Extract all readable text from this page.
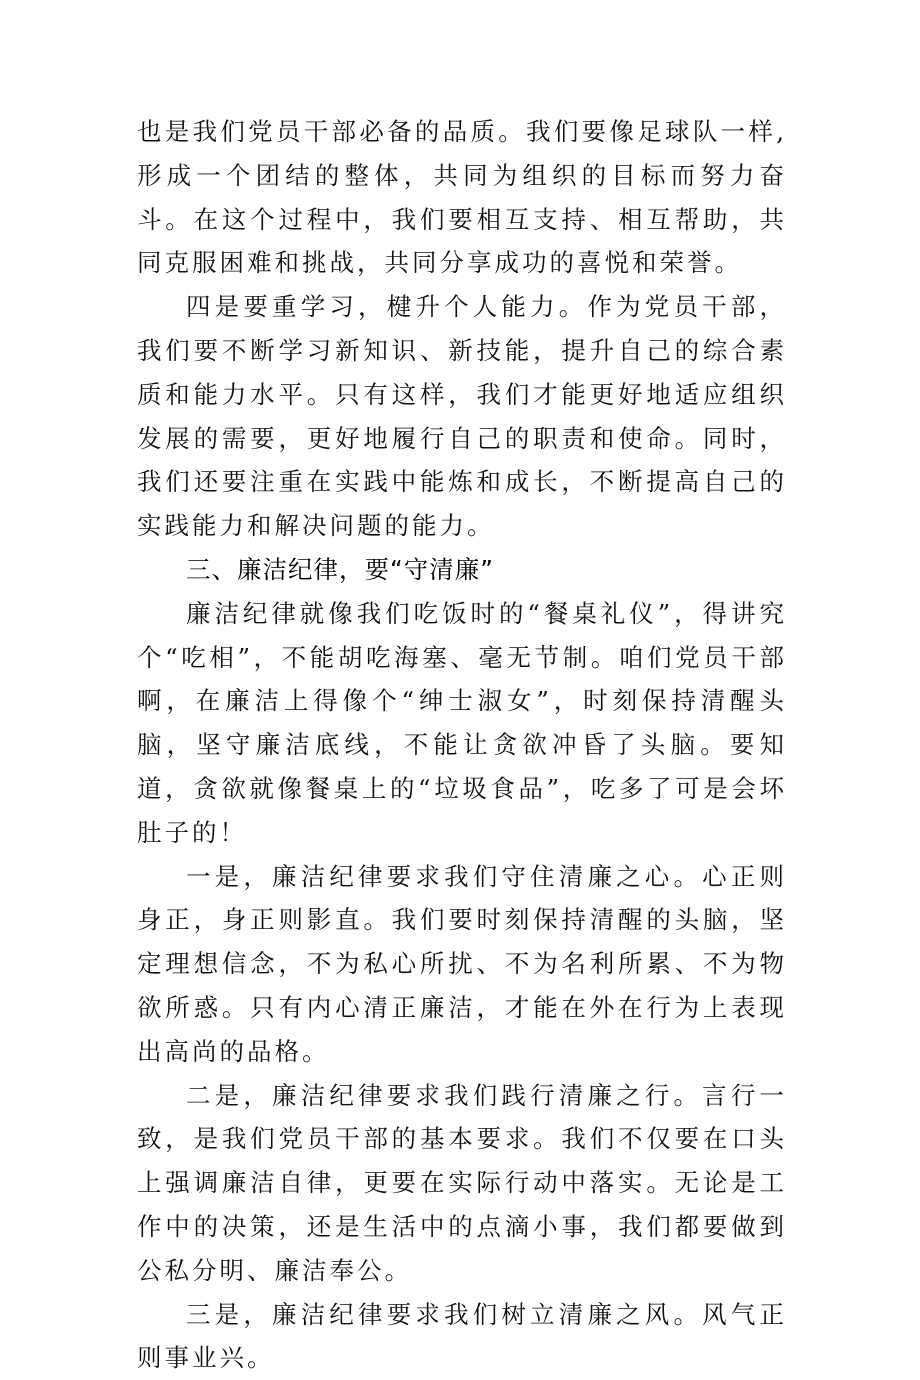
也是我们党员干部必备的品质。我们要像足球队一样,形成一个团结的整体，共同为组织的目标而努力奋斗。在这个过程中，我们要相互支持、相互帮助，共同克服困难和挑战，共同分享成功的喜悦和荣誉。

四是要重学习，楗升个人能力。作为党员干部，我们要不断学习新知识、新技能，提升自己的综合素质和能力水平。只有这样，我们才能更好地适应组织发展的需要，更好地履行自己的职责和使命。同时，我们还要注重在实践中能炼和成长，不断提高自己的实践能力和解决问题的能力。

三、廉洁纪律，要“守清廉”

廉洁纪律就像我们吃饭时的“餐桌礼仪”，得讲究个“吃相”，不能胡吃海塞、毫无节制。咱们党员干部啊，在廉洁上得像个“绅士淑女”，时刻保持清醒头脑，坚守廉洁底线，不能让贪欲冲昏了头脑。要知道，贪欲就像餐桌上的“垃圾食品”，吃多了可是会坏肚子的！

一是，廉洁纪律要求我们守住清廉之心。心正则身正，身正则影直。我们要时刻保持清醒的头脑，坚定理想信念，不为私心所扰、不为名利所累、不为物欲所惑。只有内心清正廉洁，才能在外在行为上表现出高尚的品格。

二是，廉洁纪律要求我们践行清廉之行。言行一致，是我们党员干部的基本要求。我们不仅要在口头上强调廉洁自律，更要在实际行动中落实。无论是工作中的决策，还是生活中的点滴小事，我们都要做到公私分明、廉洁奉公。

三是，廉洁纪律要求我们树立清廉之风。风气正则事业兴。
